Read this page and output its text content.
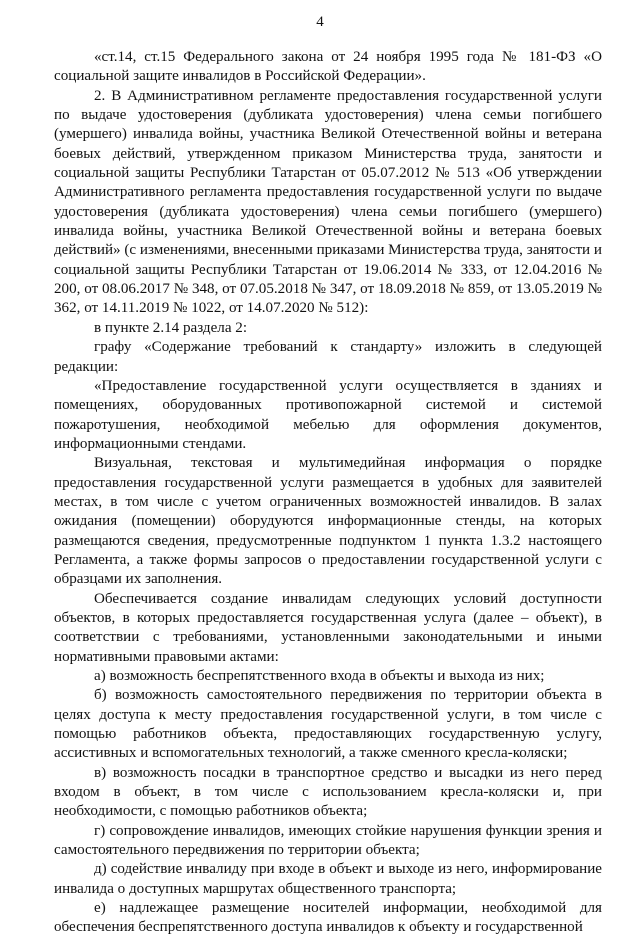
4

«ст.14, ст.15 Федерального закона от 24 ноября 1995 года № 181-ФЗ «О социальной защите инвалидов в Российской Федерации».

2. В Административном регламенте предоставления государственной услуги по выдаче удостоверения (дубликата удостоверения) члена семьи погибшего (умершего) инвалида войны, участника Великой Отечественной войны и ветерана боевых действий, утвержденном приказом Министерства труда, занятости и социальной защиты Республики Татарстан от 05.07.2012 № 513 «Об утверждении Административного регламента предоставления государственной услуги по выдаче удостоверения (дубликата удостоверения) члена семьи погибшего (умершего) инвалида войны, участника Великой Отечественной войны и ветерана боевых действий» (с изменениями, внесенными приказами Министерства труда, занятости и социальной защиты Республики Татарстан от 19.06.2014 № 333, от 12.04.2016 № 200, от 08.06.2017 № 348, от 07.05.2018 № 347, от 18.09.2018 № 859, от 13.05.2019 № 362, от 14.11.2019 № 1022, от 14.07.2020 № 512):

в пункте 2.14 раздела 2:

графу «Содержание требований к стандарту» изложить в следующей редакции:

«Предоставление государственной услуги осуществляется в зданиях и помещениях, оборудованных противопожарной системой и системой пожаротушения, необходимой мебелью для оформления документов, информационными стендами.

Визуальная, текстовая и мультимедийная информация о порядке предоставления государственной услуги размещается в удобных для заявителей местах, в том числе с учетом ограниченных возможностей инвалидов. В залах ожидания (помещении) оборудуются информационные стенды, на которых размещаются сведения, предусмотренные подпунктом 1 пункта 1.3.2 настоящего Регламента, а также формы запросов о предоставлении государственной услуги с образцами их заполнения.

Обеспечивается создание инвалидам следующих условий доступности объектов, в которых предоставляется государственная услуга (далее – объект), в соответствии с требованиями, установленными законодательными и иными нормативными правовыми актами:

а) возможность беспрепятственного входа в объекты и выхода из них;

б) возможность самостоятельного передвижения по территории объекта в целях доступа к месту предоставления государственной услуги, в том числе с помощью работников объекта, предоставляющих государственную услугу, ассистивных и вспомогательных технологий, а также сменного кресла-коляски;

в) возможность посадки в транспортное средство и высадки из него перед входом в объект, в том числе с использованием кресла-коляски и, при необходимости, с помощью работников объекта;

г) сопровождение инвалидов, имеющих стойкие нарушения функции зрения и самостоятельного передвижения по территории объекта;

д) содействие инвалиду при входе в объект и выходе из него, информирование инвалида о доступных маршрутах общественного транспорта;

е) надлежащее размещение носителей информации, необходимой для обеспечения беспрепятственного доступа инвалидов к объекту и государственной
